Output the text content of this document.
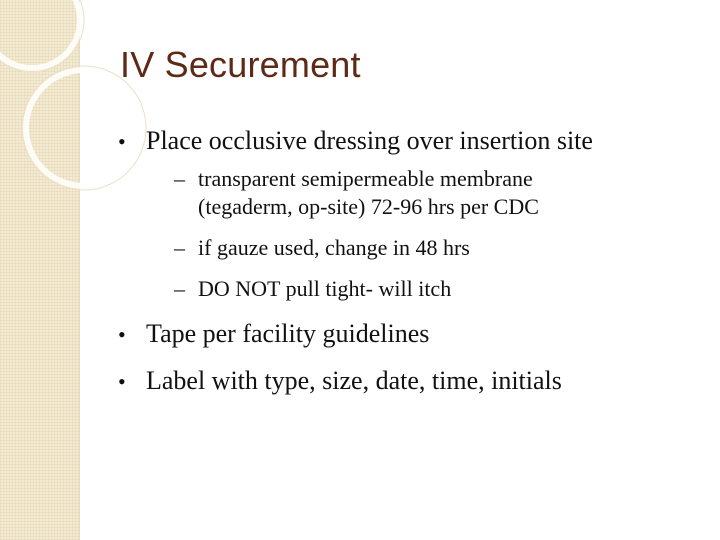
IV Securement
• Place occlusive dressing over insertion site
– transparent semipermeable membrane
(tegaderm, op-site) 72-96 hrs per CDC
– if gauze used, change in 48 hrs
– DO NOT pull tight- will itch
• Tape per facility guidelines
• Label with type, size, date, time, initials
